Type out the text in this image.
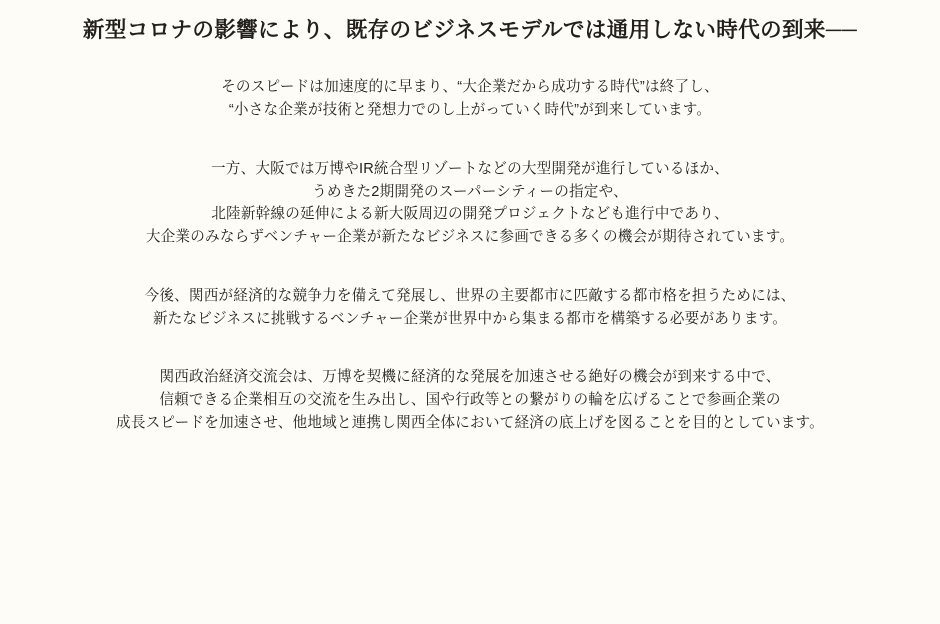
新型コロナの影響により、既存のビジネスモデルでは通用しない時代の到来──

そのスピードは加速度的に早まり、“大企業だから成功する時代”は終了し、

“小さな企業が技術と発想力でのし上がっていく時代”が到来しています。

一方、大阪では万博やIR統合型リゾートなどの大型開発が進行しているほか、

うめきた2期開発のスーパーシティーの指定や、

北陸新幹線の延伸による新大阪周辺の開発プロジェクトなども進行中であり、

大企業のみならずベンチャー企業が新たなビジネスに参画できる多くの機会が期待されています。

今後、関西が経済的な競争力を備えて発展し、世界の主要都市に匹敵する都市格を担うためには、

新たなビジネスに挑戦するベンチャー企業が世界中から集まる都市を構築する必要があります。

関西政治経済交流会は、万博を契機に経済的な発展を加速させる絶好の機会が到来する中で、

信頼できる企業相互の交流を生み出し、国や行政等との繋がりの輪を広げることで参画企業の

成長スピードを加速させ、他地域と連携し関西全体において経済の底上げを図ることを目的としています。
